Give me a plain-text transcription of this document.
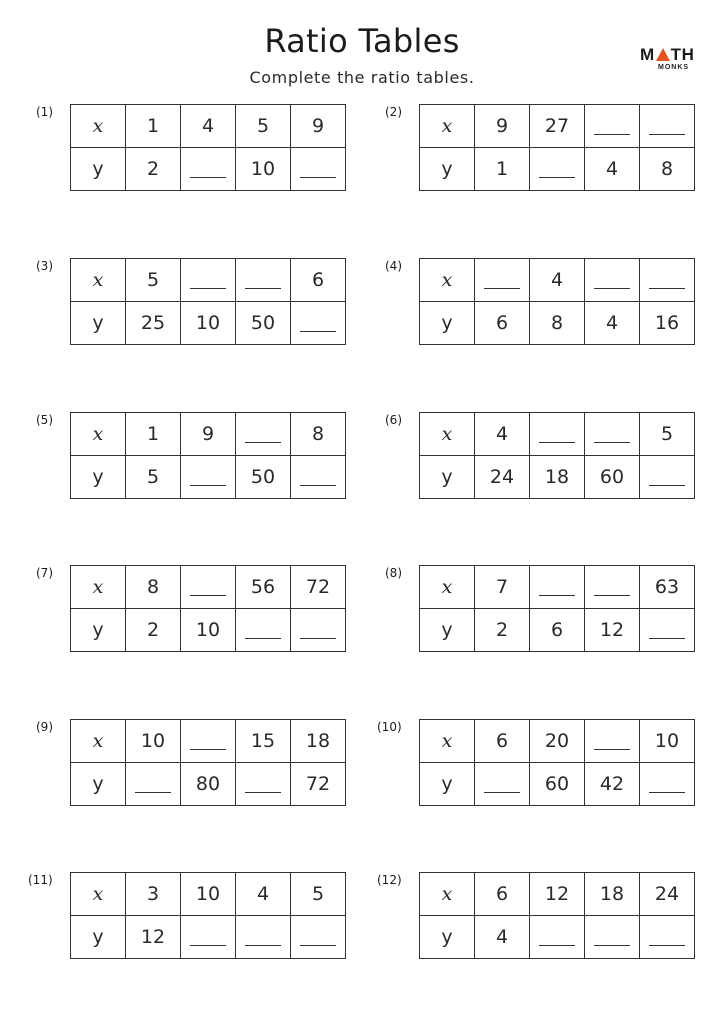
Ratio Tables
Complete the ratio tables.
M TH
MONKS
(1)
x	1	4	5	9
y	2		10	
(2)
x	9	27		
y	1		4	8
(3)
x	5			6
y	25	10	50	
(4)
x		4		
y	6	8	4	16
(5)
x	1	9		8
y	5		50	
(6)
x	4			5
y	24	18	60	
(7)
x	8		56	72
y	2	10		
(8)
x	7			63
y	2	6	12	
(9)
x	10		15	18
y		80		72
(10)
x	6	20		10
y		60	42	
(11)
x	3	10	4	5
y	12			
(12)
x	6	12	18	24
y	4			
